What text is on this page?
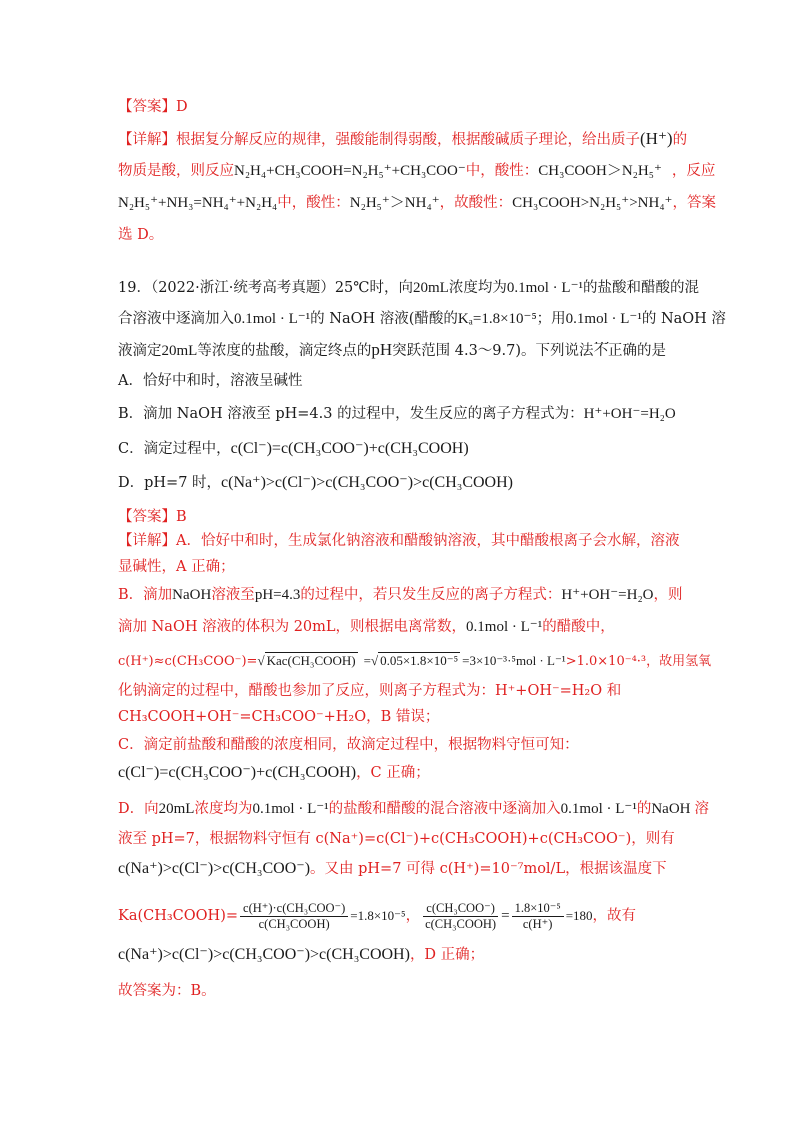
【答案】D
【详解】根据复分解反应的规律，强酸能制得弱酸，根据酸碱质子理论，给出质子(H⁺)的
物质是酸，则反应N₂H₄+CH₃COOH=N₂H₅⁺+CH₃COO⁻中，酸性：CH₃COOH＞N₂H₅⁺ ，反应
N₂H₅⁺+NH₃=NH₄⁺+N₂H₄中，酸性：N₂H₅⁺＞NH₄⁺，故酸性：CH₃COOH>N₂H₅⁺>NH₄⁺，答案
选 D。
19．（2022·浙江·统考高考真题）25℃时，向20mL浓度均为0.1mol · L⁻¹的盐酸和醋酸的混
合溶液中逐滴加入0.1mol · L⁻¹的 NaOH 溶液(醋酸的Kₐ=1.8×10⁻⁵；用0.1mol · L⁻¹的 NaOH 溶
液滴定20mL等浓度的盐酸，滴定终点的pH突跃范围 4.3～9.7)。下列说法· · · 不正确的是
A．恰好中和时，溶液呈碱性
B．滴加 NaOH 溶液至 pH=4.3 的过程中，发生反应的离子方程式为：H⁺+OH⁻=H₂O
C．滴定过程中，c(Cl⁻)=c(CH₃COO⁻)+c(CH₃COOH)
D．pH=7 时，c(Na⁺)>c(Cl⁻)>c(CH₃COO⁻)>c(CH₃COOH)
【答案】B
【详解】A．恰好中和时，生成氯化钠溶液和醋酸钠溶液，其中醋酸根离子会水解，溶液
显碱性，A 正确；
B．滴加NaOH溶液至pH=4.3的过程中，若只发生反应的离子方程式：H⁺+OH⁻=H₂O，则
滴加 NaOH 溶液的体积为 20mL，则根据电离常数，0.1mol · L⁻¹的醋酸中，
c(H⁺)≈c(CH₃COO⁻)=√ Kac(CH₃COOH) =√ 0.05×1.8×10⁻⁵ =3×10⁻³·⁵mol · L⁻¹>1.0×10⁻⁴·³，故用氢氧
化钠滴定的过程中，醋酸也参加了反应，则离子方程式为：H⁺+OH⁻=H₂O 和
CH₃COOH+OH⁻=CH₃COO⁻+H₂O，B 错误；
C．滴定前盐酸和醋酸的浓度相同，故滴定过程中，根据物料守恒可知：
c(Cl⁻)=c(CH₃COO⁻)+c(CH₃COOH)，C 正确；
D．向20mL浓度均为0.1mol · L⁻¹的盐酸和醋酸的混合溶液中逐滴加入0.1mol · L⁻¹的NaOH 溶
液至 pH=7，根据物料守恒有 c(Na⁺)=c(Cl⁻)+c(CH₃COOH)+c(CH₃COO⁻)，则有
c(Na⁺)>c(Cl⁻)>c(CH₃COO⁻)。又由 pH=7 可得 c(H⁺)=10⁻⁷mol/L，根据该温度下
Ka(CH₃COOH)=
c(H⁺)·c(CH₃COO⁻)
c(CH₃COOH)
=1.8×10⁻⁵，
c(CH₃COO⁻)
c(CH₃COOH) = $\frac{\text{1.8×10⁻⁵}}{c(H^+)} =180$，故有
c(Na⁺)>c(Cl⁻)>c(CH₃COO⁻)>c(CH₃COOH)，D 正确；
故答案为：B。
